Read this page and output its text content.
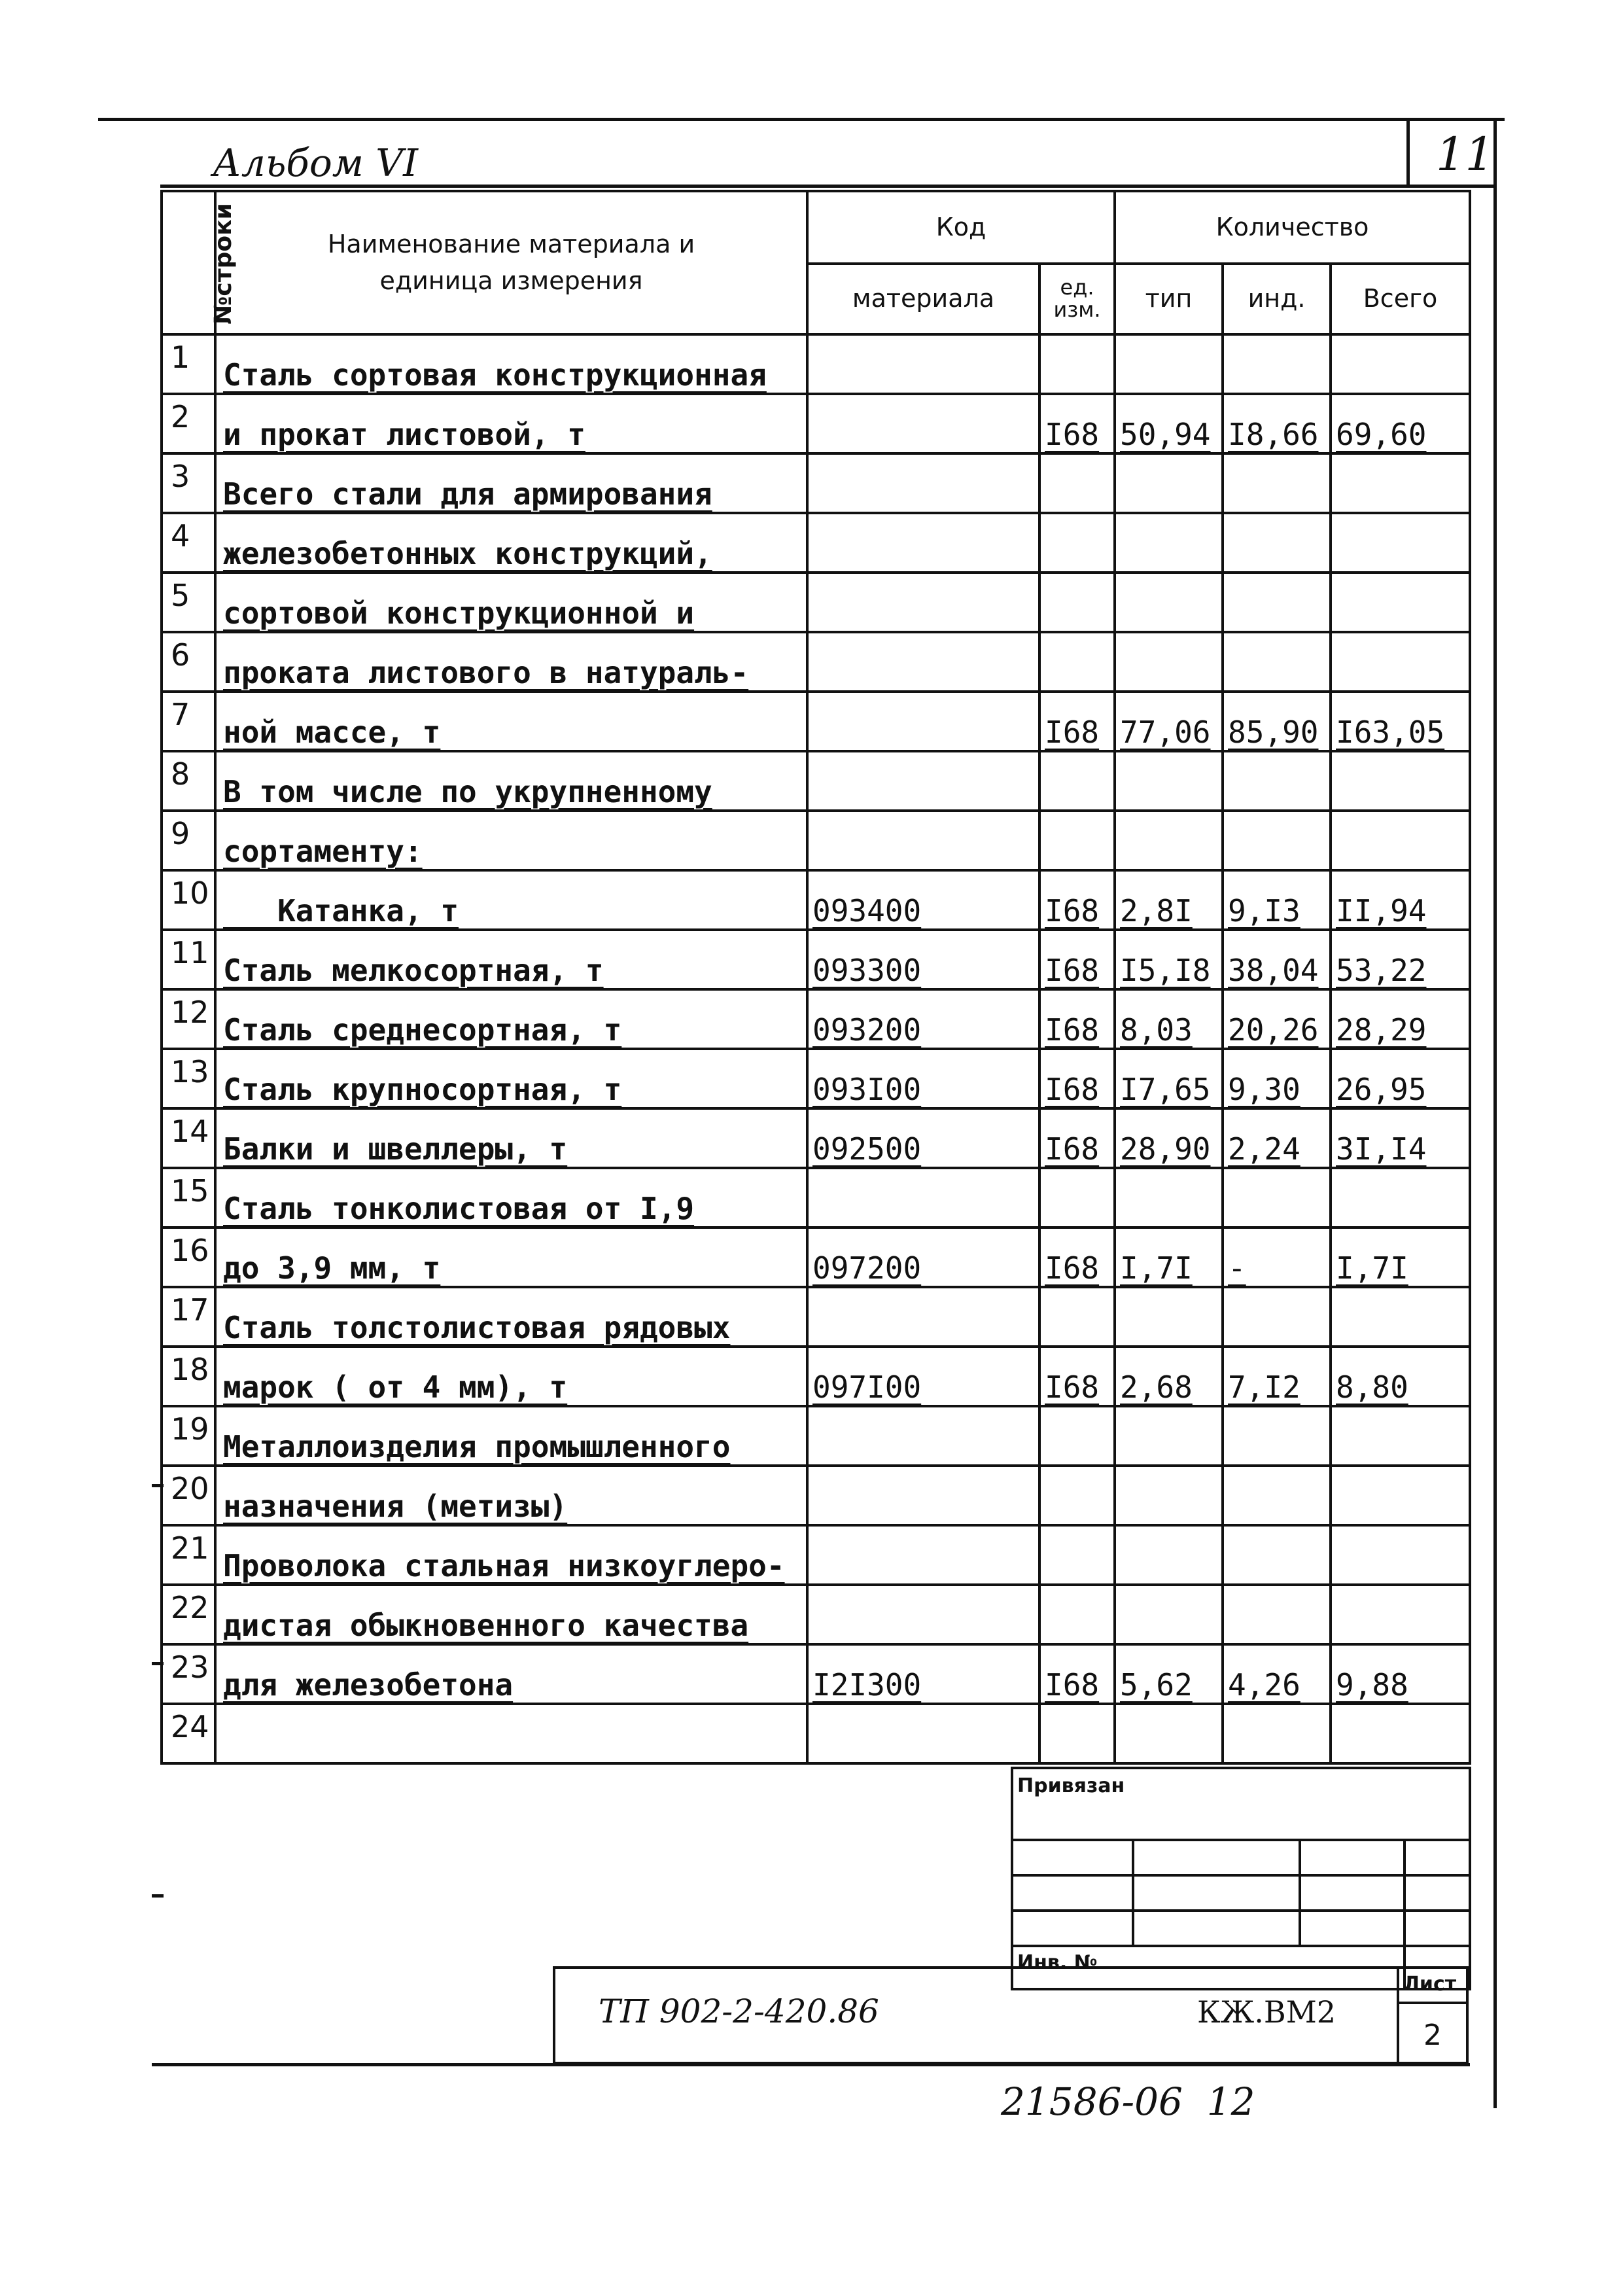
Альбом VI	11
№строки	Наименование материала и единица измерения	Код		Количество		
		материала	ед. изм.	тип	инд.	Всего
1	Сталь сортовая конструкционная					
2	и прокат листовой, т		I68	50,94	I8,66	69,60
3	Всего стали для армирования					
4	железобетонных конструкций,					
5	сортовой конструкционной и					
6	проката листового в натураль-					
7	ной массе, т		I68	77,06	85,90	I63,05
8	В том числе по укрупненному					
9	сортаменту:					
10	Катанка, т	093400	I68	2,8I	9,I3	II,94
11	Сталь мелкосортная, т	093300	I68	I5,I8	38,04	53,22
12	Сталь среднесортная, т	093200	I68	8,03	20,26	28,29
13	Сталь крупносортная, т	093I00	I68	I7,65	9,30	26,95
14	Балки и швеллеры, т	092500	I68	28,90	2,24	3I,I4
15	Сталь тонколистовая от I,9					
16	до 3,9 мм, т	097200	I68	I,7I	-	I,7I
17	Сталь толстолистовая рядовых					
18	марок ( от 4 мм), т	097I00	I68	2,68	7,I2	8,80
19	Металлоизделия промышленного					
20	назначения (метизы)					
21	Проволока стальная низкоуглеро-					
22	дистая обыкновенного качества					
23	для железобетона	I2I300	I68	5,62	4,26	9,88
24						
Привязан			

Инв. №			
ТП 902-2-420.86	КЖ.ВМ2
Лист
2
21586-06  12
